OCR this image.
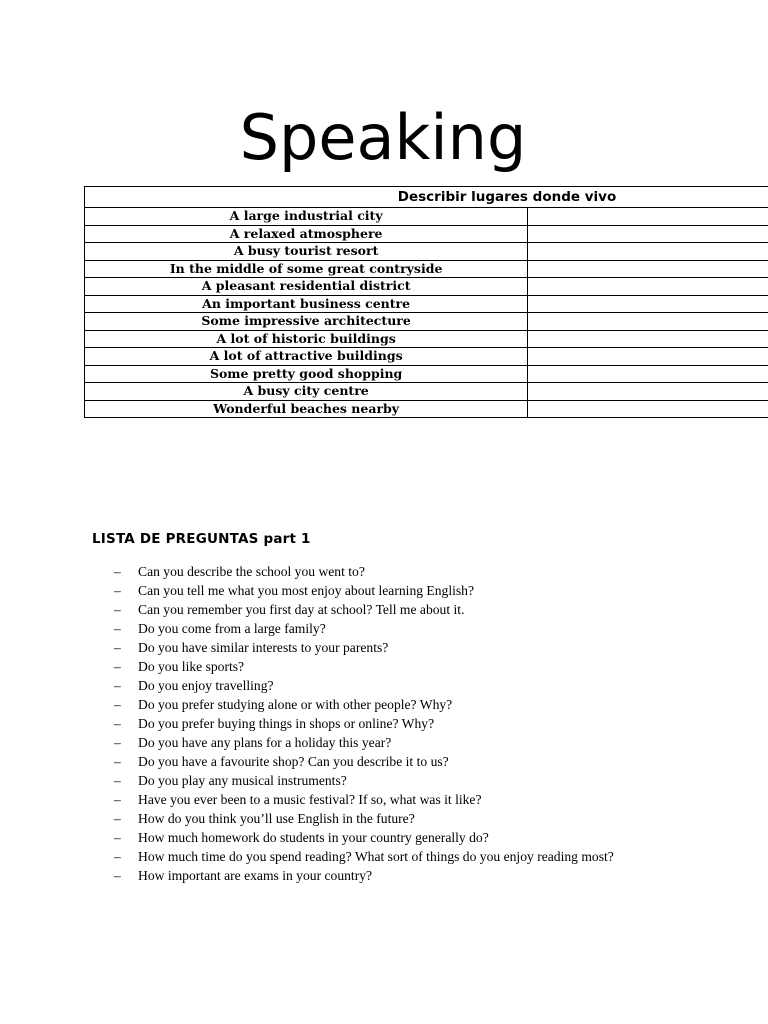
Speaking
Describir lugares donde vivo	
A large industrial city	
A relaxed atmosphere	
A busy tourist resort	
In the middle of some great contryside	
A pleasant residential district	
An important business centre	
Some impressive architecture	
A lot of historic buildings	
A lot of attractive buildings	
Some pretty good shopping	
A busy city centre	
Wonderful beaches nearby	
LISTA DE PREGUNTAS part 1
– Can you describe the school you went to?
– Can you tell me what you most enjoy about learning English?
– Can you remember you first day at school? Tell me about it.
– Do you come from a large family?
– Do you have similar interests to your parents?
– Do you like sports?
– Do you enjoy travelling?
– Do you prefer studying alone or with other people? Why?
– Do you prefer buying things in shops or online? Why?
– Do you have any plans for a holiday this year?
– Do you have a favourite shop? Can you describe it to us?
– Do you play any musical instruments?
– Have you ever been to a music festival? If so, what was it like?
– How do you think you’ll use English in the future?
– How much homework do students in your country generally do?
– How much time do you spend reading? What sort of things do you enjoy reading most?
– How important are exams in your country?
